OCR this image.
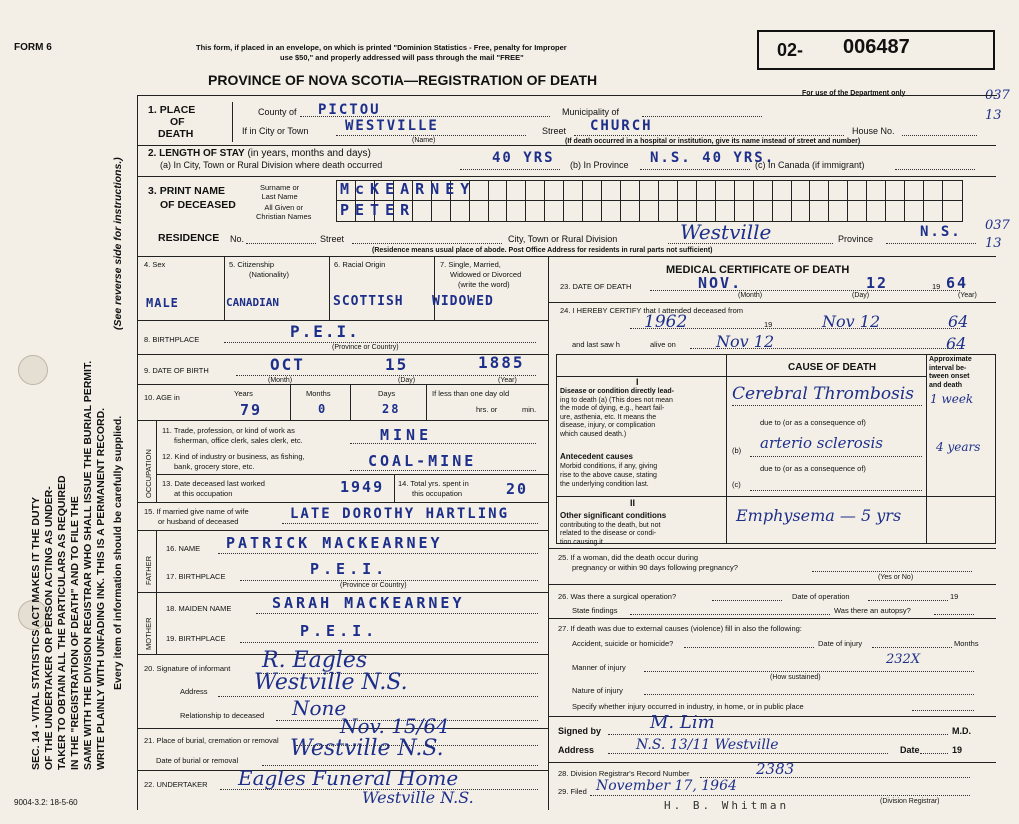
FORM 6	This form, if placed in an envelope, on which is printed "Dominion Statistics - Free, penalty for Improper
use $50," and properly addressed will pass through the mail "FREE"
PROVINCE OF NOVA SCOTIA—REGISTRATION OF DEATH
02- 006487
For use of the Department only	037
13
037
13
SEC. 14 - VITAL STATISTICS ACT MAKES IT THE DUTY OF THE UNDERTAKER OR PERSON ACTING AS UNDER- TAKER TO OBTAIN ALL THE PARTICULARS AS REQUIRED IN THE "REGISTRATION OF DEATH" AND TO FILE THE SAME WITH THE DIVISION REGISTRAR WHO SHALL ISSUE THE BURIAL PERMIT. WRITE PLAINLY WITH UNFADING INK. THIS IS A PERMANENT RECORD.
(See reverse side for instructions.)
Every item of information should be carefully supplied.
1. PLACE
OF
DEATH
County of PICTOU	Municipality of
If in City or Town	WESTVILLE
(Name)
Street CHURCH	House No.
(If death occurred in a hospital or institution, give its name instead of street and number)
2. LENGTH OF STAY (in years, months and days)
(a) In City, Town or Rural Division where death occurred	40 YRS (b) In Province N.S. 40 YRS.
(c) In Canada (if immigrant)
3. PRINT NAME
OF DECEASED
Surname or
Last Name
All Given or
Christian Names
McKEARNEY
PETER
RESIDENCE No.	Street	City, Town or Rural Division	Westville	Province	N.S.
(Residence means usual place of abode. Post Office Address for residents in rural parts not sufficient)
4. Sex
MALE
5. Citizenship
(Nationality)
CANADIAN
6. Racial Origin
SCOTTISH
7. Single, Married,
Widowed or Divorced
(write the word)
WIDOWED
8. BIRTHPLACE	P.E.I.
(Province or Country)
9. DATE OF BIRTH	OCT	15	1885
(Month)	(Day)	(Year)
10. AGE in	Years	Months	Days
79	0	28
If less than one day old
hrs. or	min.
OCCUPATION
11. Trade, profession, or kind of work as
fisherman, office clerk, sales clerk, etc.	MINE
12. Kind of industry or business, as fishing,
bank, grocery store, etc.	COAL-MINE
13. Date deceased last worked
at this occupation	1949 14. Total yrs. spent in
this occupation	20
15. If married give name of wife
or husband of deceased	LATE DOROTHY HARTLING
FATHER
16. NAME PATRICK MACKEARNEY
17. BIRTHPLACE	P.E.I.
(Province or Country)
MOTHER
18. MAIDEN NAME	SARAH MACKEARNEY
19. BIRTHPLACE	P.E.I.
20. Signature of informant R. Eagles
Address Westville N.S.
Relationship to deceased None
21. Place of burial, cremation or removal Westville N.S.
Nov. 15/64
Date of burial or removal
22. UNDERTAKER Eagles Funeral Home
Westville N.S.
MEDICAL CERTIFICATE OF DEATH
23. DATE OF DEATH	NOV.	12	19 64
(Month)	(Day)	(Year)
24. I HEREBY CERTIFY that I attended deceased from
1962	19	Nov 12	64
and last saw h	alive on	Nov 12	64
CAUSE OF DEATH
Approximate
interval be-
tween onset
and death
I
Disease or condition directly lead-
ing to death (a) (This does not mean
the mode of dying, e.g., heart fail-
ure, asthenia, etc. It means the
disease, injury, or complication
which caused death.)
Cerebral Thrombosis 1 week
due to (or as a consequence of)
Antecedent causes
Morbid conditions, if any, giving
rise to the above cause, stating
the underlying condition last.
(b) arterio sclerosis	4 years
due to (or as a consequence of)
(c)
II
Other significant conditions
contributing to the death, but not
related to the disease or condi-
tion causing it.
Emphysema — 5 yrs
25. If a woman, did the death occur during
pregnancy or within 90 days following pregnancy?
(Yes or No)
26. Was there a surgical operation?	Date of operation	19
State findings	Was there an autopsy?
27. If death was due to external causes (violence) fill in also the following:
Accident, suicide or homicide?	Date of injury	Months
Manner of injury
232X
(How sustained)
Nature of injury
Specify whether injury occurred in industry, in home, or in public place
Signed by	M. Lim	M.D.
Address	N.S. 13/11 Westville	Date	19
28. Division Registrar's Record Number	2383
29. Filed November 17, 1964
H. B. Whitman	(Division Registrar)
9004-3.2: 18-5-60
